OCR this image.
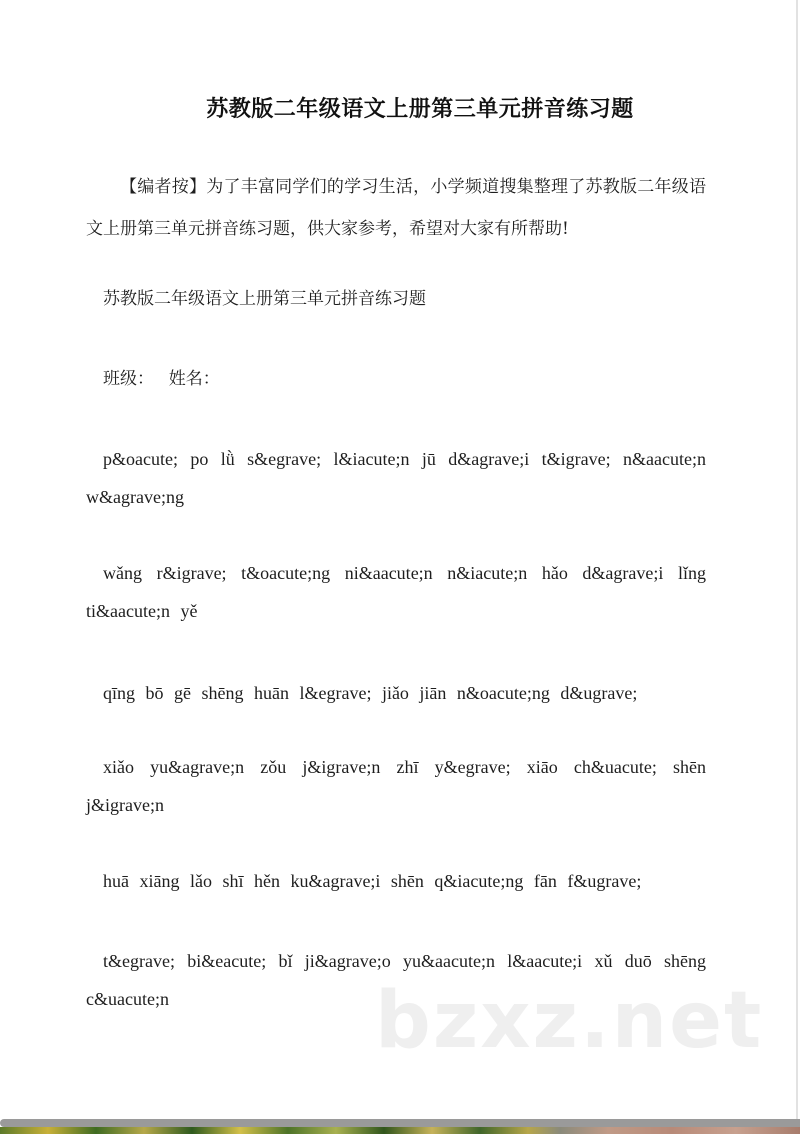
苏教版二年级语文上册第三单元拼音练习题
【编者按】为了丰富同学们的学习生活，小学频道搜集整理了苏教版二年级语文上册第三单元拼音练习题，供大家参考，希望对大家有所帮助!
苏教版二年级语文上册第三单元拼音练习题
班级：  姓名：
p&oacute; po lǜ s&egrave; l&iacute;n jū d&agrave;i t&igrave; n&aacute;n w&agrave;ng
wǎng r&igrave; t&oacute;ng ni&aacute;n n&iacute;n hǎo d&agrave;i lǐng ti&aacute;n yě
qīng bō gē shēng huān l&egrave; jiǎo jiān n&oacute;ng d&ugrave;
xiǎo yu&agrave;n zǒu j&igrave;n zhī y&egrave; xiāo ch&uacute; shēn j&igrave;n
huā xiāng lǎo shī hěn ku&agrave;i shēn q&iacute;ng fān f&ugrave;
t&egrave; bi&eacute; bǐ ji&agrave;o yu&aacute;n l&aacute;i xǔ duō shēng c&uacute;n	bzxz.net
